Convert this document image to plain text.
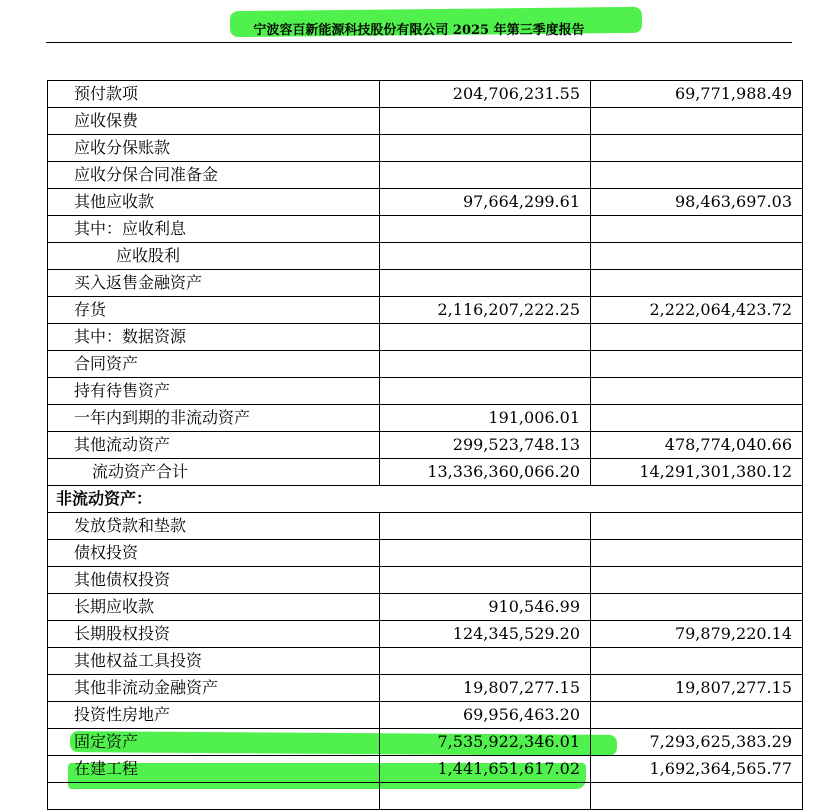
宁波容百新能源科技股份有限公司 2025 年第三季度报告
预付款项	204,706,231.55	69,771,988.49
应收保费		
应收分保账款		
应收分保合同准备金		
其他应收款	97,664,299.61	98,463,697.03
其中：应收利息		
应收股利		
买入返售金融资产		
存货	2,116,207,222.25	2,222,064,423.72
其中：数据资源		
合同资产		
持有待售资产		
一年内到期的非流动资产	191,006.01	
其他流动资产	299,523,748.13	478,774,040.66
流动资产合计	13,336,360,066.20	14,291,301,380.12
非流动资产：		
发放贷款和垫款		
债权投资		
其他债权投资		
长期应收款	910,546.99	
长期股权投资	124,345,529.20	79,879,220.14
其他权益工具投资		
其他非流动金融资产	19,807,277.15	19,807,277.15
投资性房地产	69,956,463.20	
固定资产	7,535,922,346.01	7,293,625,383.29
在建工程	1,441,651,617.02	1,692,364,565.77
